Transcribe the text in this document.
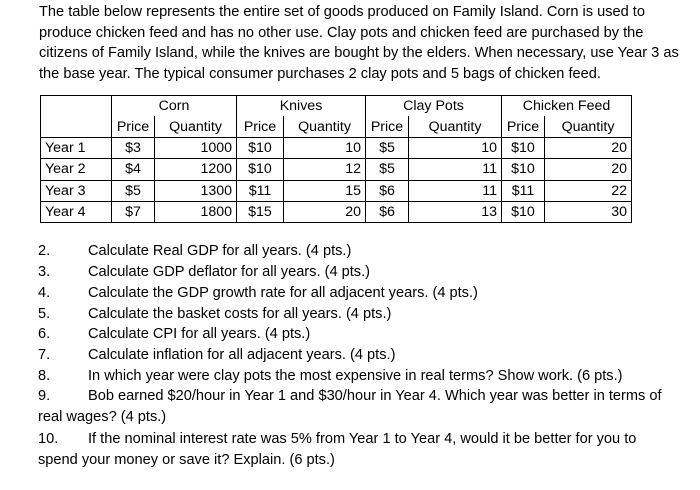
The table below represents the entire set of goods produced on Family Island. Corn is used to produce chicken feed and has no other use. Clay pots and chicken feed are purchased by the citizens of Family Island, while the knives are bought by the elders. When necessary, use Year 3 as the base year. The typical consumer purchases 2 clay pots and 5 bags of chicken feed.
	Corn		Knives		Clay Pots		Chicken Feed	
	Price	Quantity	Price	Quantity	Price	Quantity	Price	Quantity
Year 1	$3	1000	$10	10	$5	10	$10	20
Year 2	$4	1200	$10	12	$5	11	$10	20
Year 3	$5	1300	$11	15	$6	11	$11	22
Year 4	$7	1800	$15	20	$6	13	$10	30
2.	Calculate Real GDP for all years. (4 pts.)
3.	Calculate GDP deflator for all years. (4 pts.)
4.	Calculate the GDP growth rate for all adjacent years. (4 pts.)
5.	Calculate the basket costs for all years. (4 pts.)
6.	Calculate CPI for all years. (4 pts.)
7.	Calculate inflation for all adjacent years. (4 pts.)
8.	In which year were clay pots the most expensive in real terms? Show work. (6 pts.)
9.	Bob earned $20/hour in Year 1 and $30/hour in Year 4. Which year was better in terms of real wages? (4 pts.)
10. If the nominal interest rate was 5% from Year 1 to Year 4, would it be better for you to spend your money or save it? Explain. (6 pts.)
